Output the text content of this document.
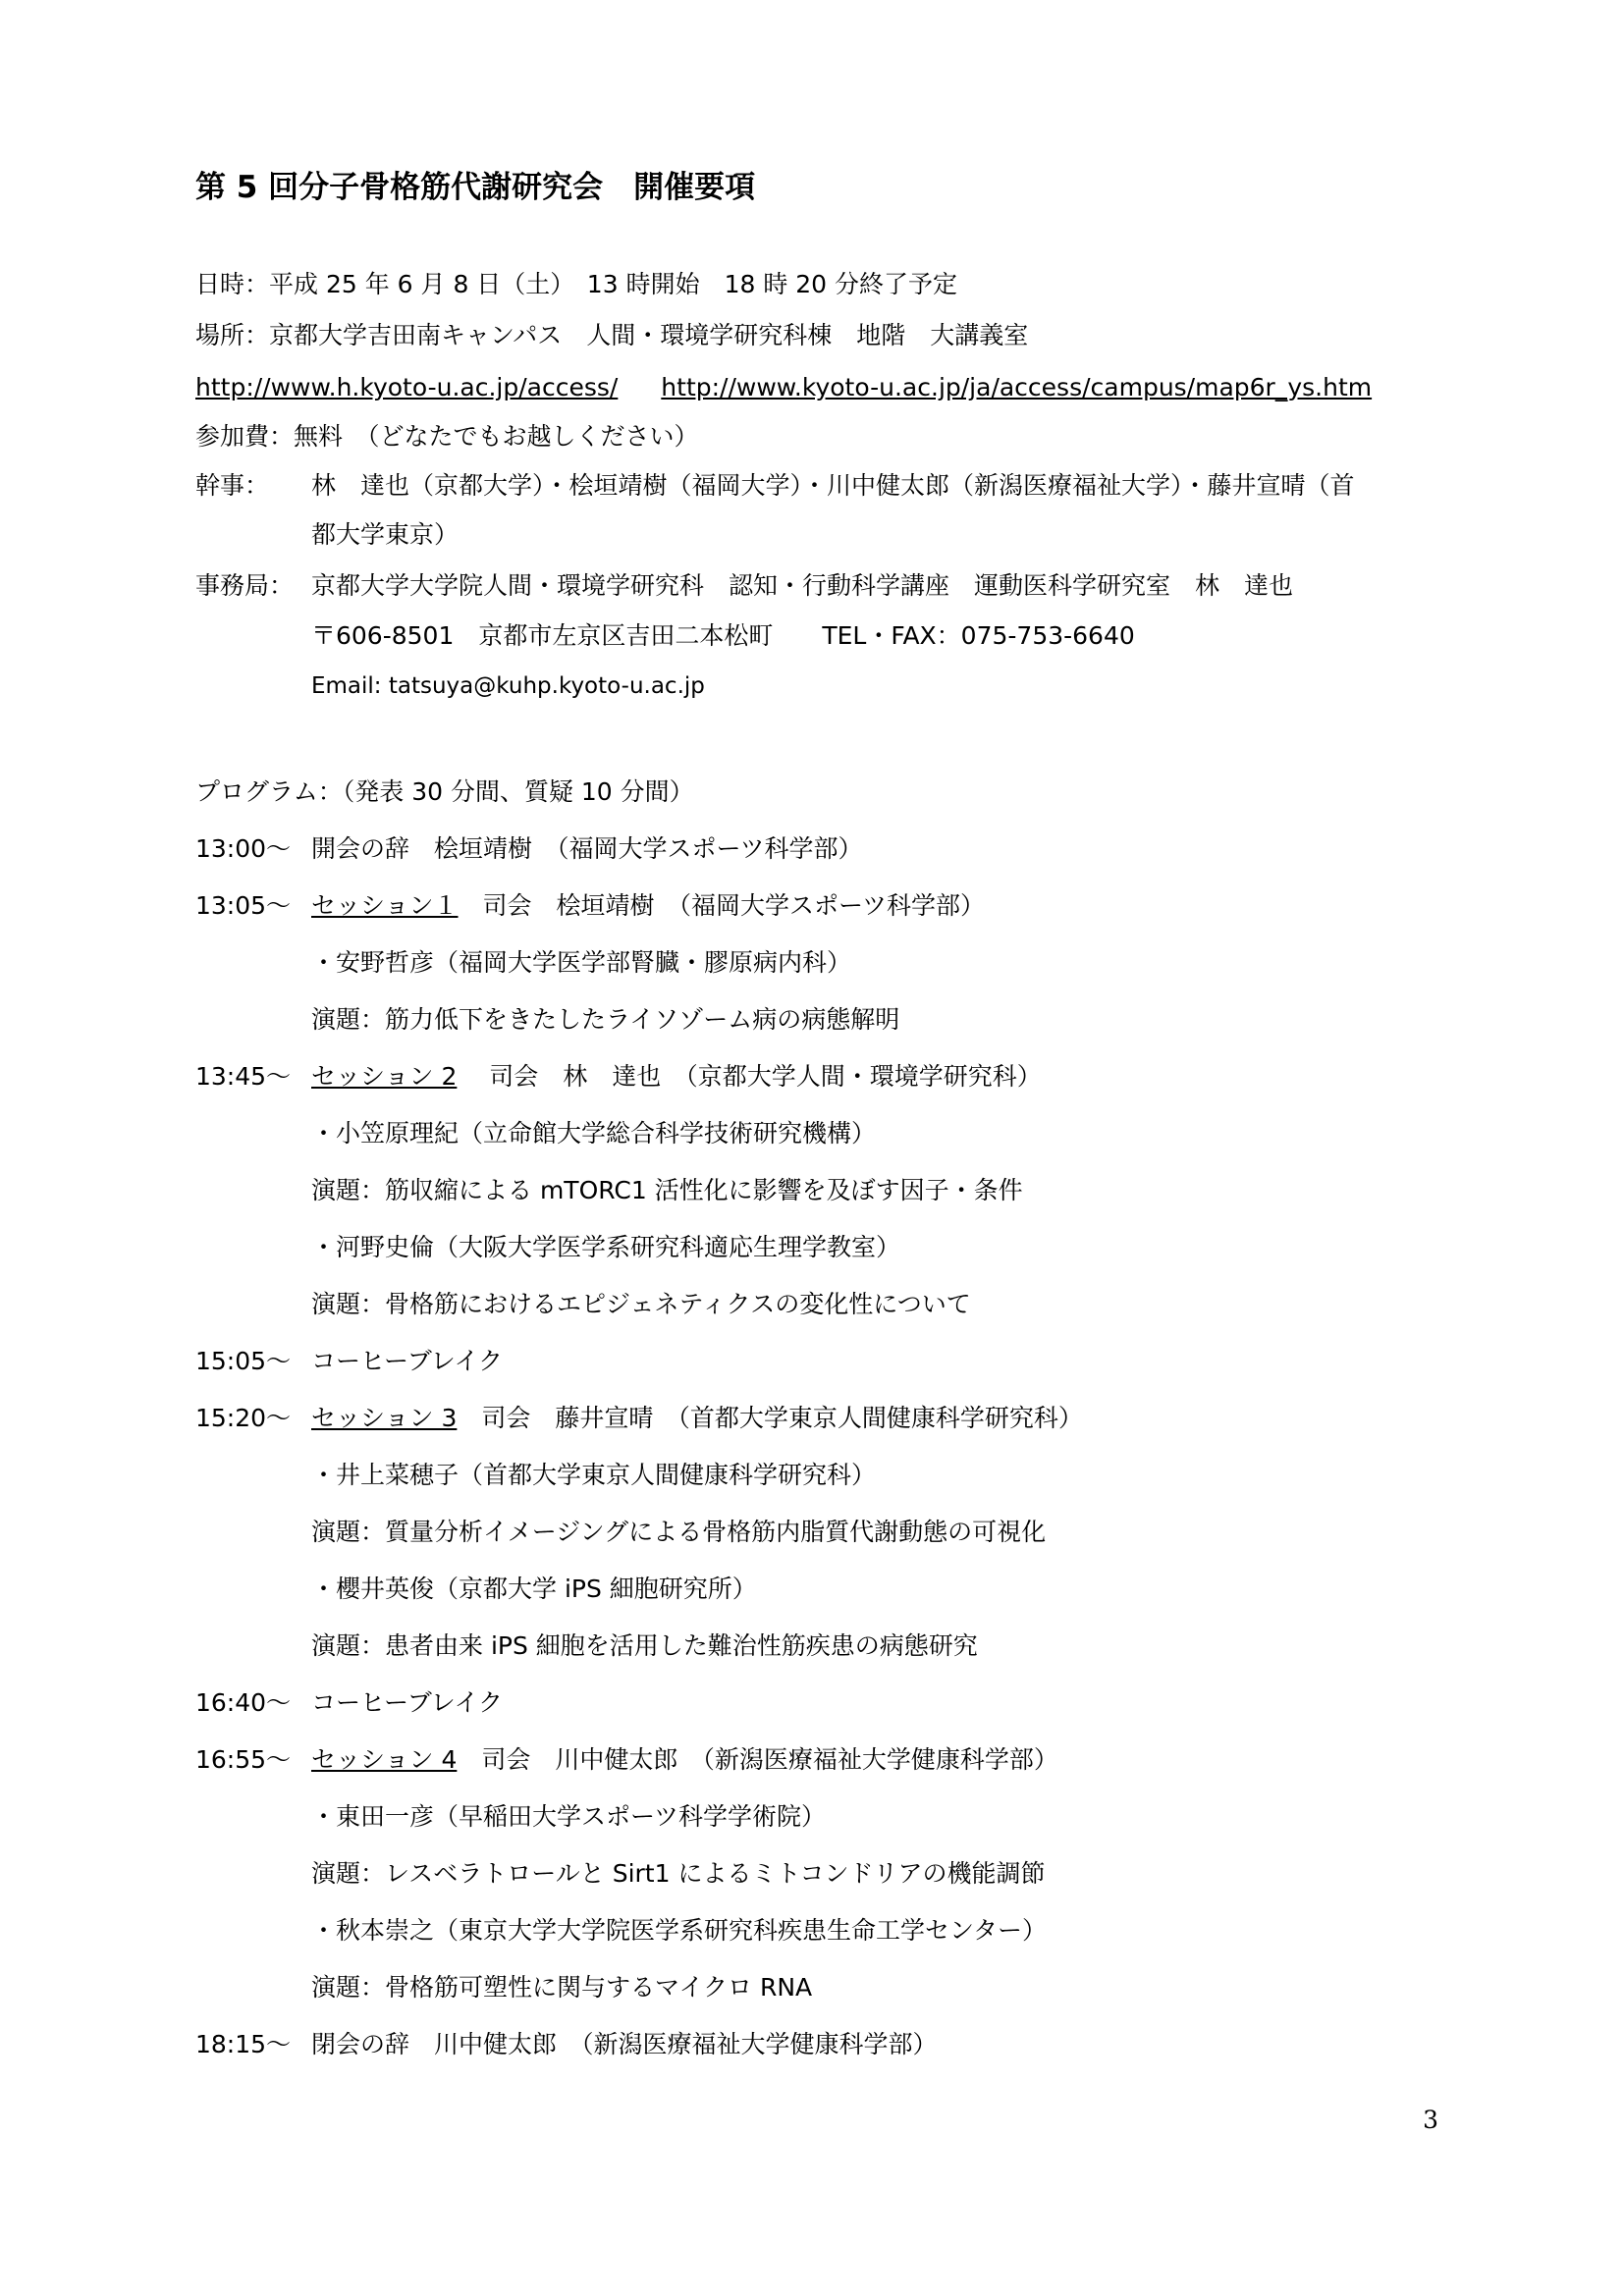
第 5 回分子骨格筋代謝研究会　開催要項
日時：平成 25 年 6 月 8 日（土）　13 時開始　18 時 20 分終了予定
場所：京都大学吉田南キャンパス　人間・環境学研究科棟　地階　大講義室
http://www.h.kyoto-u.ac.jp/access/ http://www.kyoto-u.ac.jp/ja/access/campus/map6r_ys.htm
参加費：無料　（どなたでもお越しください）
幹事： 林　達也（京都大学）・桧垣靖樹（福岡大学）・川中健太郎（新潟医療福祉大学）・藤井宣晴（首
都大学東京）
事務局： 京都大学大学院人間・環境学研究科　認知・行動科学講座　運動医科学研究室　林　達也
〒606-8501　京都市左京区吉田二本松町　　TEL・FAX：075-753-6640
Email: tatsuya@kuhp.kyoto-u.ac.jp
プログラム：（発表 30 分間、質疑 10 分間）
13:00～ 開会の辞　桧垣靖樹　（福岡大学スポーツ科学部）
13:05～ セッション１　司会　桧垣靖樹　（福岡大学スポーツ科学部）
・安野哲彦（福岡大学医学部腎臓・膠原病内科）
演題：筋力低下をきたしたライソゾーム病の病態解明
13:45～ セッション 2　 司会　林　達也　（京都大学人間・環境学研究科）
・小笠原理紀（立命館大学総合科学技術研究機構）
演題：筋収縮による mTORC1 活性化に影響を及ぼす因子・条件
・河野史倫（大阪大学医学系研究科適応生理学教室）
演題：骨格筋におけるエピジェネティクスの変化性について
15:05～ コーヒーブレイク
15:20～ セッション 3　司会　藤井宣晴　（首都大学東京人間健康科学研究科）
・井上菜穂子（首都大学東京人間健康科学研究科）
演題：質量分析イメージングによる骨格筋内脂質代謝動態の可視化
・櫻井英俊（京都大学 iPS 細胞研究所）
演題：患者由来 iPS 細胞を活用した難治性筋疾患の病態研究
16:40～ コーヒーブレイク
16:55～ セッション 4　司会　川中健太郎　（新潟医療福祉大学健康科学部）
・東田一彦（早稲田大学スポーツ科学学術院）
演題：レスベラトロールと Sirt1 によるミトコンドリアの機能調節
・秋本崇之（東京大学大学院医学系研究科疾患生命工学センター）
演題：骨格筋可塑性に関与するマイクロ RNA
18:15～ 閉会の辞　川中健太郎　（新潟医療福祉大学健康科学部）
3
